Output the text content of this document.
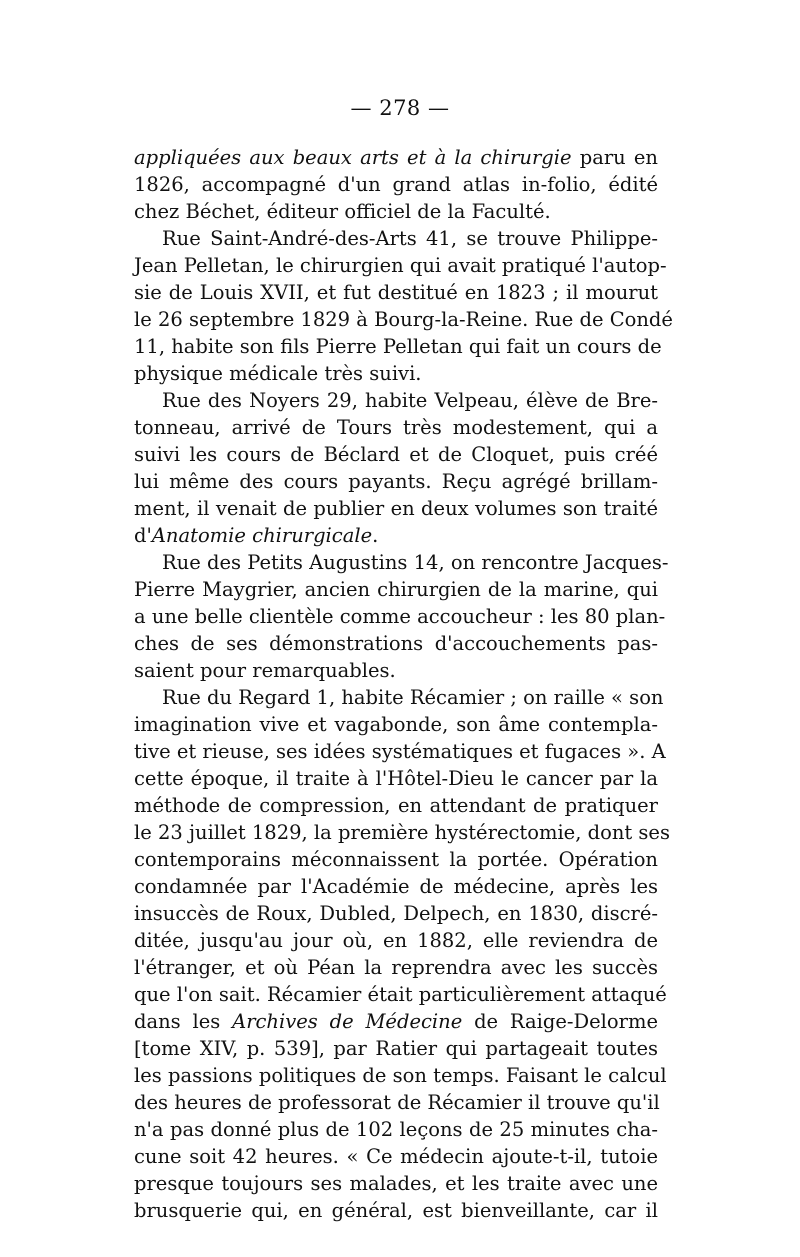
— 278 —
appliquées aux beaux arts et à la chirurgie paru en
1826, accompagné d'un grand atlas in-folio, édité
chez Béchet, éditeur officiel de la Faculté.
Rue Saint-André-des-Arts 41, se trouve Philippe-
Jean Pelletan, le chirurgien qui avait pratiqué l'autop-
sie de Louis XVII, et fut destitué en 1823 ; il mourut
le 26 septembre 1829 à Bourg-la-Reine. Rue de Condé
11, habite son fils Pierre Pelletan qui fait un cours de
physique médicale très suivi.
Rue des Noyers 29, habite Velpeau, élève de Bre-
tonneau, arrivé de Tours très modestement, qui a
suivi les cours de Béclard et de Cloquet, puis créé
lui même des cours payants. Reçu agrégé brillam-
ment, il venait de publier en deux volumes son traité
d'Anatomie chirurgicale.
Rue des Petits Augustins 14, on rencontre Jacques-
Pierre Maygrier, ancien chirurgien de la marine, qui
a une belle clientèle comme accoucheur : les 80 plan-
ches de ses démonstrations d'accouchements pas-
saient pour remarquables.
Rue du Regard 1, habite Récamier ; on raille « son
imagination vive et vagabonde, son âme contempla-
tive et rieuse, ses idées systématiques et fugaces ». A
cette époque, il traite à l'Hôtel-Dieu le cancer par la
méthode de compression, en attendant de pratiquer
le 23 juillet 1829, la première hystérectomie, dont ses
contemporains méconnaissent la portée. Opération
condamnée par l'Académie de médecine, après les
insuccès de Roux, Dubled, Delpech, en 1830, discré-
ditée, jusqu'au jour où, en 1882, elle reviendra de
l'étranger, et où Péan la reprendra avec les succès
que l'on sait. Récamier était particulièrement attaqué
dans les Archives de Médecine de Raige-Delorme
[tome XIV, p. 539], par Ratier qui partageait toutes
les passions politiques de son temps. Faisant le calcul
des heures de professorat de Récamier il trouve qu'il
n'a pas donné plus de 102 leçons de 25 minutes cha-
cune soit 42 heures. « Ce médecin ajoute-t-il, tutoie
presque toujours ses malades, et les traite avec une
brusquerie qui, en général, est bienveillante, car il
